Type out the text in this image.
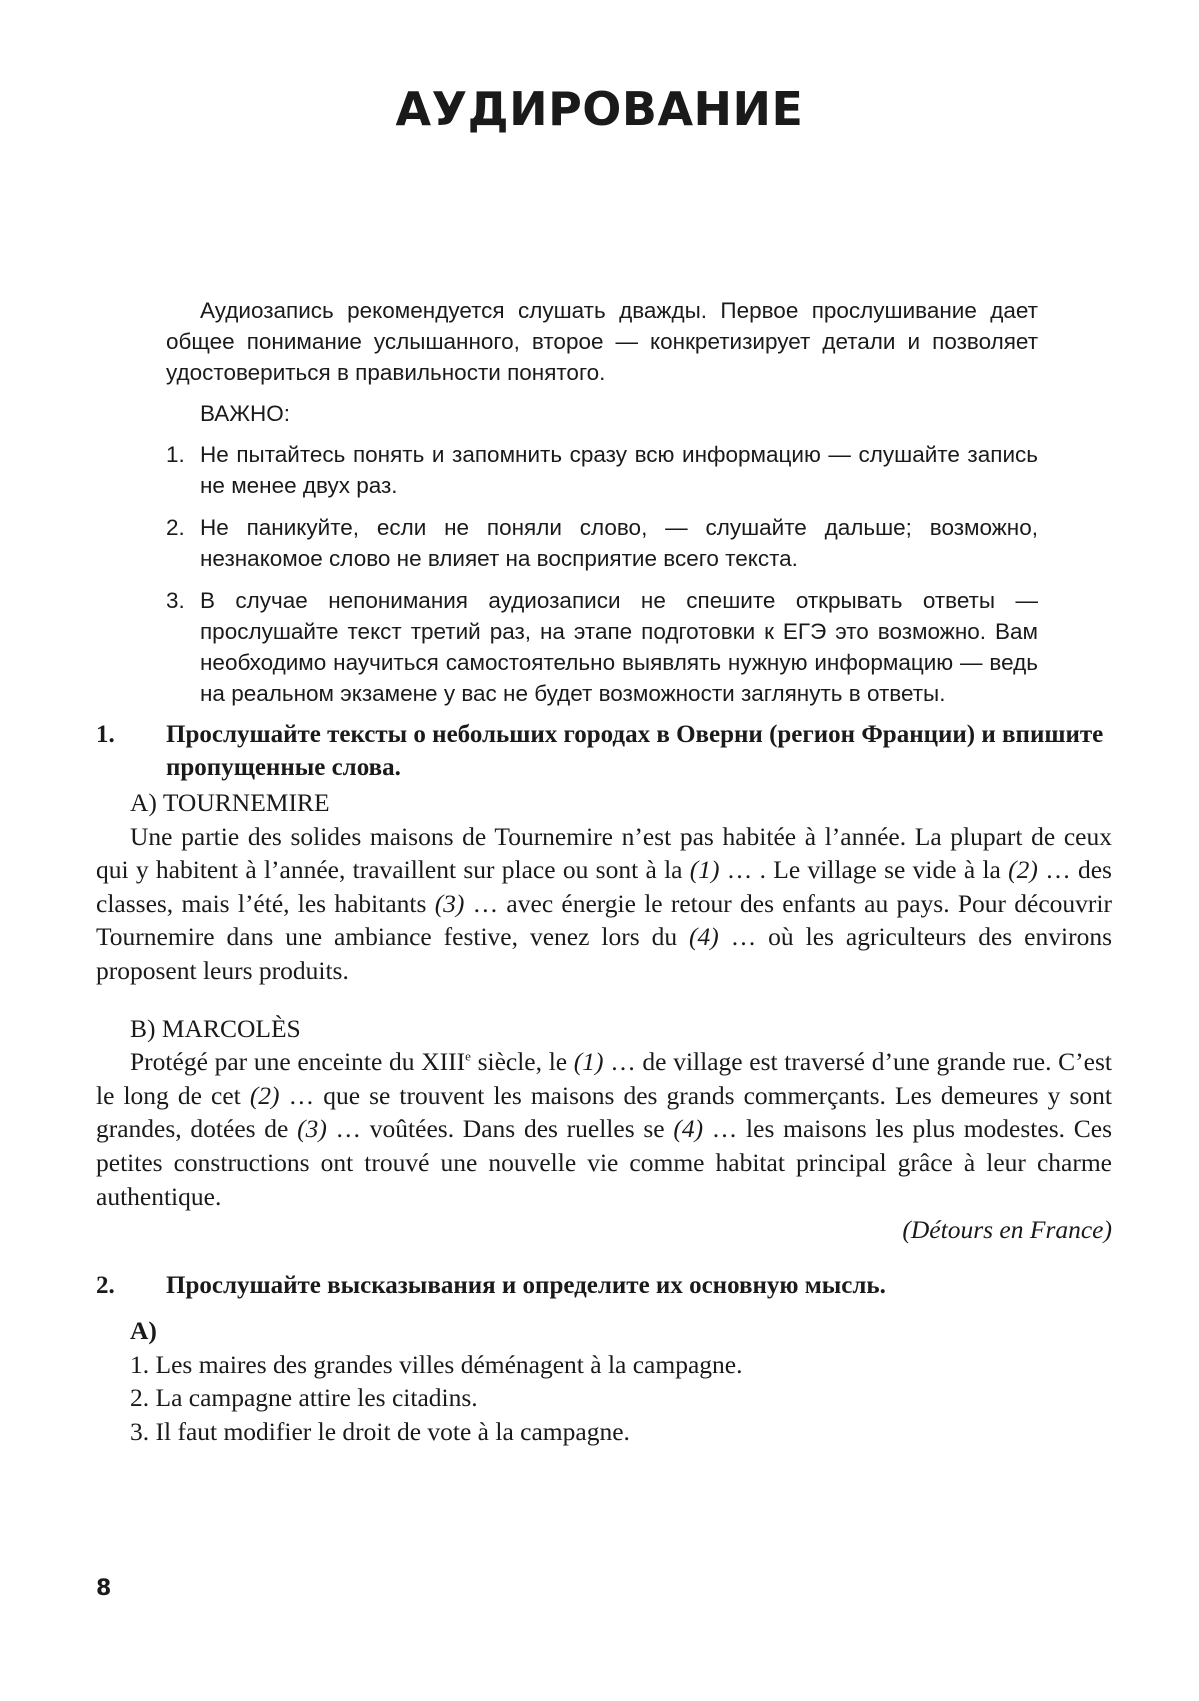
АУДИРОВАНИЕ

Аудиозапись рекомендуется слушать дважды. Первое прослушивание дает общее понимание услышанного, второе — конкретизирует детали и позволяет удостовериться в правильности понятого.

ВАЖНО:

1. Не пытайтесь понять и запомнить сразу всю информацию — слушайте запись не менее двух раз.
2. Не паникуйте, если не поняли слово, — слушайте дальше; возможно, незнакомое слово не влияет на восприятие всего текста.
3. В случае непонимания аудиозаписи не спешите открывать ответы — прослушайте текст третий раз, на этапе подготовки к ЕГЭ это возможно. Вам необходимо научиться самостоятельно выявлять нужную информацию — ведь на реальном экзамене у вас не будет возможности заглянуть в ответы.
1.	Прослушайте тексты о небольших городах в Оверни (регион Франции) и впишите пропущенные слова.
A) TOURNEMIRE

Une partie des solides maisons de Tournemire n’est pas habitée à l’année. La plupart de ceux qui y habitent à l’année, travaillent sur place ou sont à la (1) … . Le village se vide à la (2) … des classes, mais l’été, les habitants (3) … avec énergie le retour des enfants au pays. Pour découvrir Tournemire dans une ambiance festive, venez lors du (4) … où les agriculteurs des environs proposent leurs produits.

B) MARCOLÈS

Protégé par une enceinte du XIIIe siècle, le (1) … de village est traversé d’une grande rue. C’est le long de cet (2) … que se trouvent les maisons des grands commerçants. Les demeures y sont grandes, dotées de (3) … voûtées. Dans des ruelles se (4) … les maisons les plus modestes. Ces petites constructions ont trouvé une nouvelle vie comme habitat principal grâce à leur charme authentique.

(Détours en France)
2.	Прослушайте высказывания и определите их основную мысль.
A)
1. Les maires des grandes villes déménagent à la campagne.
2. La campagne attire les citadins.
3. Il faut modifier le droit de vote à la campagne.
8
